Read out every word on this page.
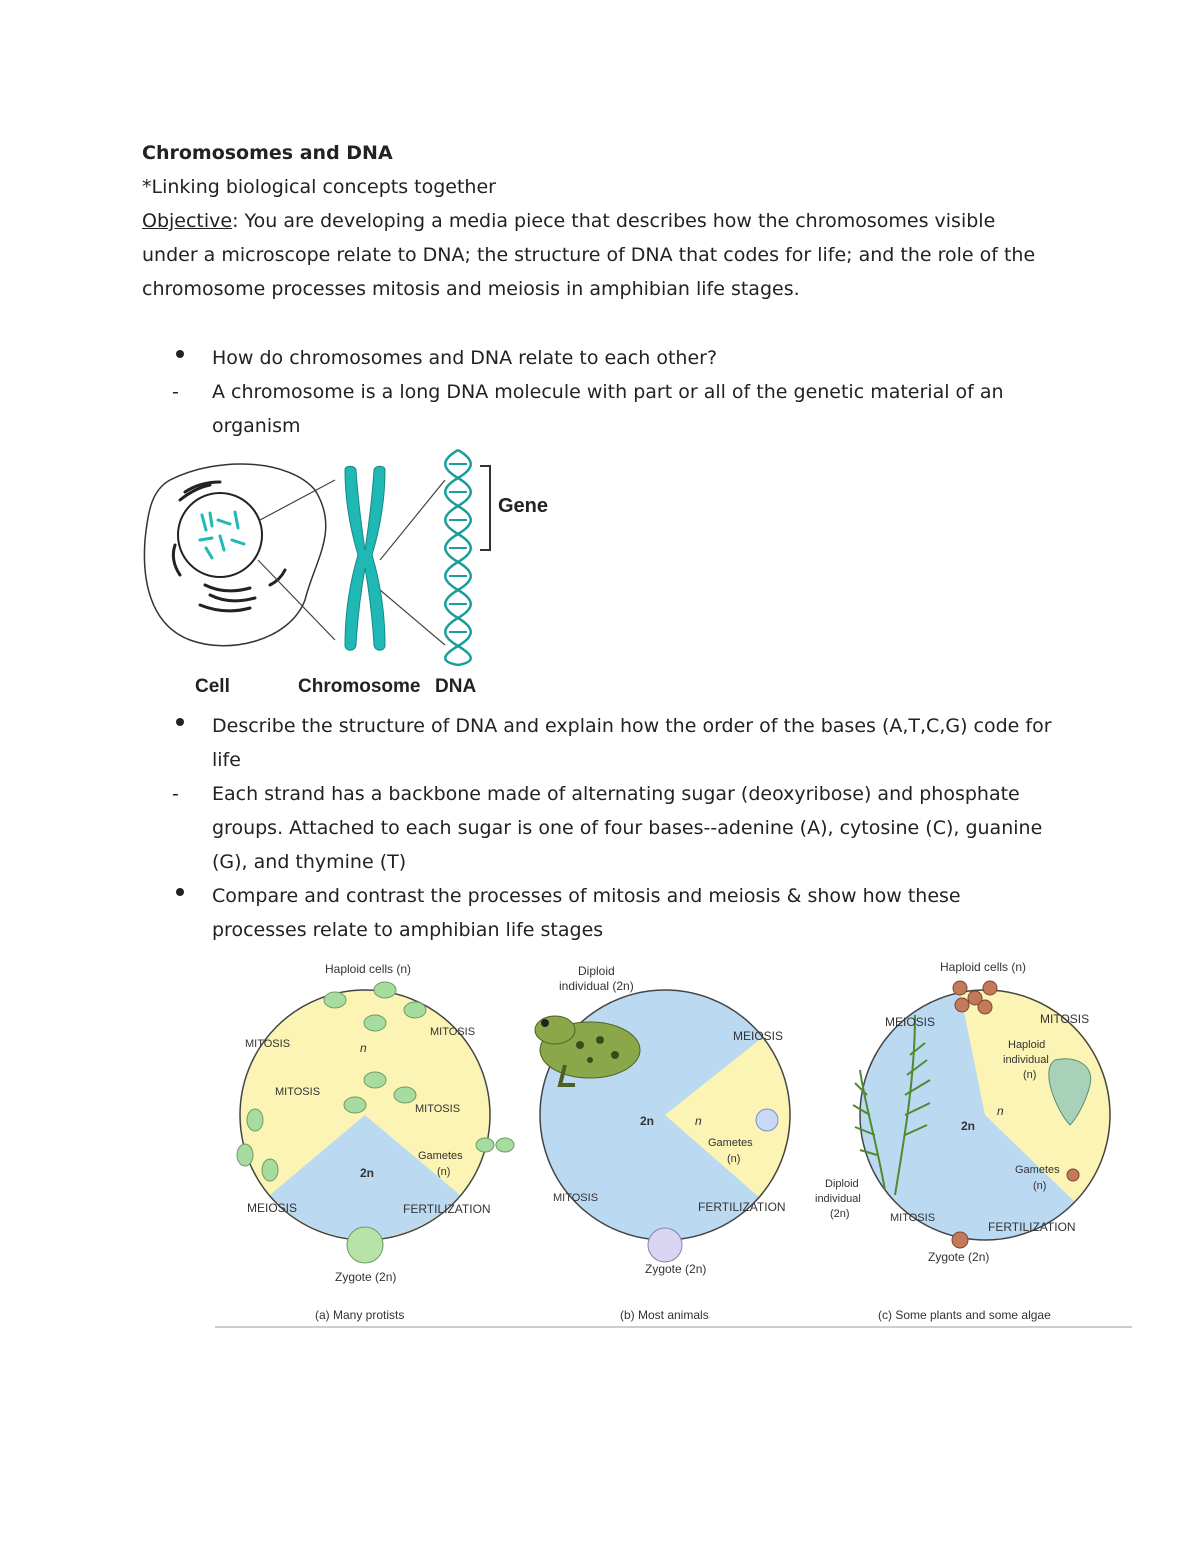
Chromosomes and DNA
*Linking biological concepts together
Objective: You are developing a media piece that describes how the chromosomes visible
under a microscope relate to DNA; the structure of DNA that codes for life; and the role of the
chromosome processes mitosis and meiosis in amphibian life stages.
How do chromosomes and DNA relate to each other?
-	A chromosome is a long DNA molecule with part or all of the genetic material of an organism
Gene
Cell	Chromosome DNA
Describe the structure of DNA and explain how the order of the bases (A,T,C,G) code for life
-	Each strand has a backbone made of alternating sugar (deoxyribose) and phosphate groups. Attached to each sugar is one of four bases--adenine (A), cytosine (C), guanine (G), and thymine (T)
Compare and contrast the processes of mitosis and meiosis & show how these processes relate to amphibian life stages
Haploid cells (n)
MITOSIS
MITOSIS
MITOSIS
MITOSIS
n
2n
Gametes
(n)
MEIOSIS	FERTILIZATION
Zygote (2n)
(a) Many protists
Diploid
individual (2n)
MEIOSIS
2n	n
Gametes
(n)
MITOSIS
FERTILIZATION
Zygote (2n)
(b) Most animals
Haploid cells (n)
MEIOSIS	MITOSIS
Haploid
individual
(n)
n
2n
Gametes
(n)
Diploid
individual
(2n)	MITOSIS
FERTILIZATION
Zygote (2n)
(c) Some plants and some algae
